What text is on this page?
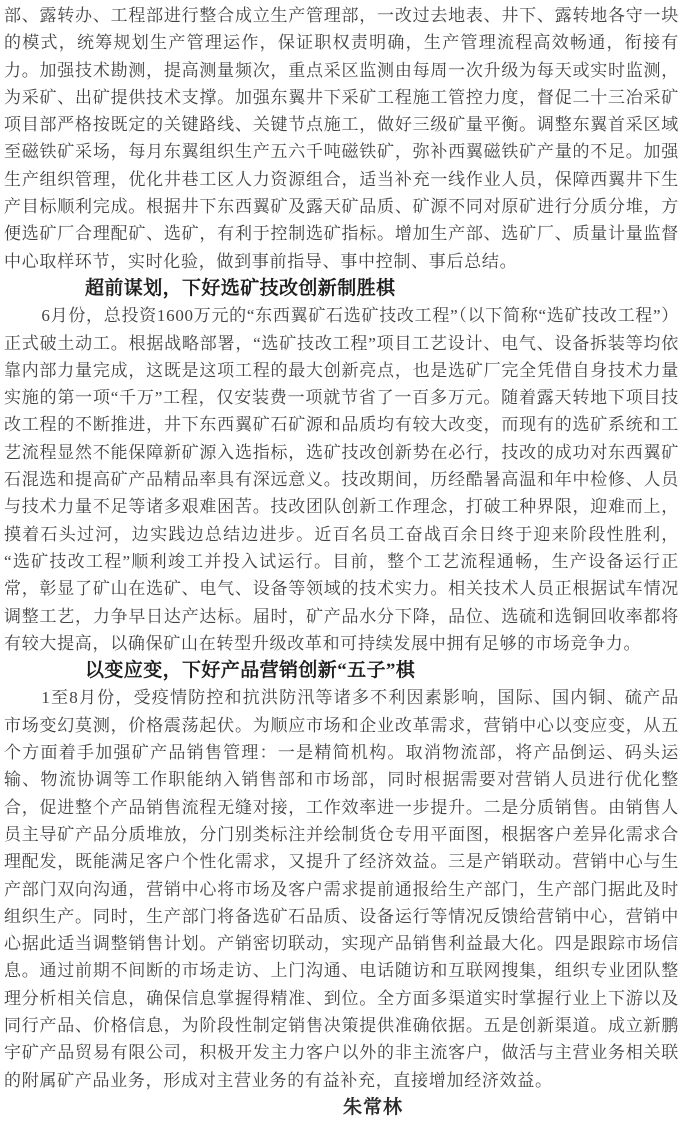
部、露转办、工程部进行整合成立生产管理部，一改过去地表、井下、露转地各守一块的模式，统筹规划生产管理运作，保证职权责明确，生产管理流程高效畅通，衔接有力。加强技术勘测，提高测量频次，重点采区监测由每周一次升级为每天或实时监测，为采矿、出矿提供技术支撑。加强东翼井下采矿工程施工管控力度，督促二十三冶采矿项目部严格按既定的关键路线、关键节点施工，做好三级矿量平衡。调整东翼首采区域至磁铁矿采场，每月东翼组织生产五六千吨磁铁矿，弥补西翼磁铁矿产量的不足。加强生产组织管理，优化井巷工区人力资源组合，适当补充一线作业人员，保障西翼井下生产目标顺利完成。根据井下东西翼矿及露天矿品质、矿源不同对原矿进行分质分堆，方便选矿厂合理配矿、选矿，有利于控制选矿指标。增加生产部、选矿厂、质量计量监督中心取样环节，实时化验，做到事前指导、事中控制、事后总结。

超前谋划，下好选矿技改创新制胜棋

6月份，总投资1600万元的“东西翼矿石选矿技改工程”（以下简称“选矿技改工程”）正式破土动工。根据战略部署，“选矿技改工程”项目工艺设计、电气、设备拆装等均依靠内部力量完成，这既是这项工程的最大创新亮点，也是选矿厂完全凭借自身技术力量实施的第一项“千万”工程，仅安装费一项就节省了一百多万元。随着露天转地下项目技改工程的不断推进，井下东西翼矿石矿源和品质均有较大改变，而现有的选矿系统和工艺流程显然不能保障新矿源入选指标，选矿技改创新势在必行，技改的成功对东西翼矿石混选和提高矿产品精品率具有深远意义。技改期间，历经酷暑高温和年中检修、人员与技术力量不足等诸多艰难困苦。技改团队创新工作理念，打破工种界限，迎难而上，摸着石头过河，边实践边总结边进步。近百名员工奋战百余日终于迎来阶段性胜利，“选矿技改工程”顺利竣工并投入试运行。目前，整个工艺流程通畅，生产设备运行正常，彰显了矿山在选矿、电气、设备等领域的技术实力。相关技术人员正根据试车情况调整工艺，力争早日达产达标。届时，矿产品水分下降，品位、选硫和选铜回收率都将有较大提高，以确保矿山在转型升级改革和可持续发展中拥有足够的市场竞争力。

以变应变，下好产品营销创新“五子”棋

1至8月份，受疫情防控和抗洪防汛等诸多不利因素影响，国际、国内铜、硫产品市场变幻莫测，价格震荡起伏。为顺应市场和企业改革需求，营销中心以变应变，从五个方面着手加强矿产品销售管理：一是精简机构。取消物流部，将产品倒运、码头运输、物流协调等工作职能纳入销售部和市场部，同时根据需要对营销人员进行优化整合，促进整个产品销售流程无缝对接，工作效率进一步提升。二是分质销售。由销售人员主导矿产品分质堆放，分门别类标注并绘制货仓专用平面图，根据客户差异化需求合理配发，既能满足客户个性化需求，又提升了经济效益。三是产销联动。营销中心与生产部门双向沟通，营销中心将市场及客户需求提前通报给生产部门，生产部门据此及时组织生产。同时，生产部门将备选矿石品质、设备运行等情况反馈给营销中心，营销中心据此适当调整销售计划。产销密切联动，实现产品销售利益最大化。四是跟踪市场信息。通过前期不间断的市场走访、上门沟通、电话随访和互联网搜集，组织专业团队整理分析相关信息，确保信息掌握得精准、到位。全方面多渠道实时掌握行业上下游以及同行产品、价格信息，为阶段性制定销售决策提供准确依据。五是创新渠道。成立新鹏宇矿产品贸易有限公司，积极开发主力客户以外的非主流客户，做活与主营业务相关联的附属矿产品业务，形成对主营业务的有益补充，直接增加经济效益。

朱常林
